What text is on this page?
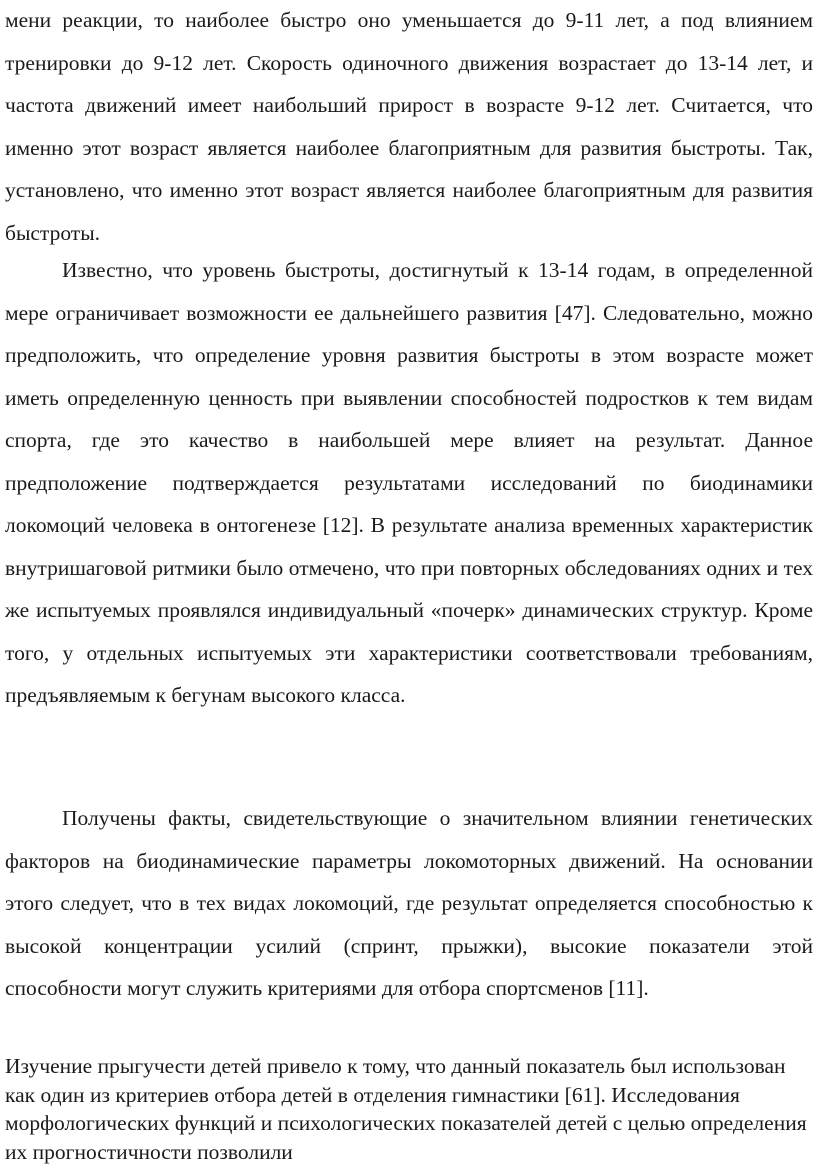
мени реакции, то наиболее быстро оно уменьшается до 9-11 лет, а под влиянием тренировки до 9-12 лет. Скорость одиночного движения возрастает до 13-14 лет, и частота движений имеет наибольший прирост в возрасте 9-12 лет. Считается, что именно этот возраст является наиболее благоприятным для развития быстроты. Так, установлено, что именно этот возраст является наиболее благоприятным для развития быстроты.

Известно, что уровень быстроты, достигнутый к 13-14 годам, в определенной мере ограничивает возможности ее дальнейшего развития [47]. Следовательно, можно предположить, что определение уровня развития быстроты в этом возрасте может иметь определенную ценность при выявлении способностей подростков к тем видам спорта, где это качество в наибольшей мере влияет на результат. Данное предположение подтверждается результатами исследований по биодинамики локомоций человека в онтогенезе [12]. В результате анализа временных характеристик внутришаговой ритмики было отмечено, что при повторных обследованиях одних и тех же испытуемых проявлялся индивидуальный «почерк» динамических структур. Кроме того, у отдельных испытуемых эти характеристики соответствовали требованиям, предъявляемым к бегунам высокого класса.

Получены факты, свидетельствующие о значительном влиянии генетических факторов на биодинамические параметры локомоторных движений. На основании этого следует, что в тех видах локомоций, где результат определяется способностью к высокой концентрации усилий (спринт, прыжки), высокие показатели этой способности могут служить критериями для отбора спортсменов [11].

Изучение прыгучести детей привело к тому, что данный показатель был использован как один из критериев отбора детей в отделения гимнастики [61]. Исследования морфологических функций и психологических показателей детей с целью определения их прогностичности позволили
